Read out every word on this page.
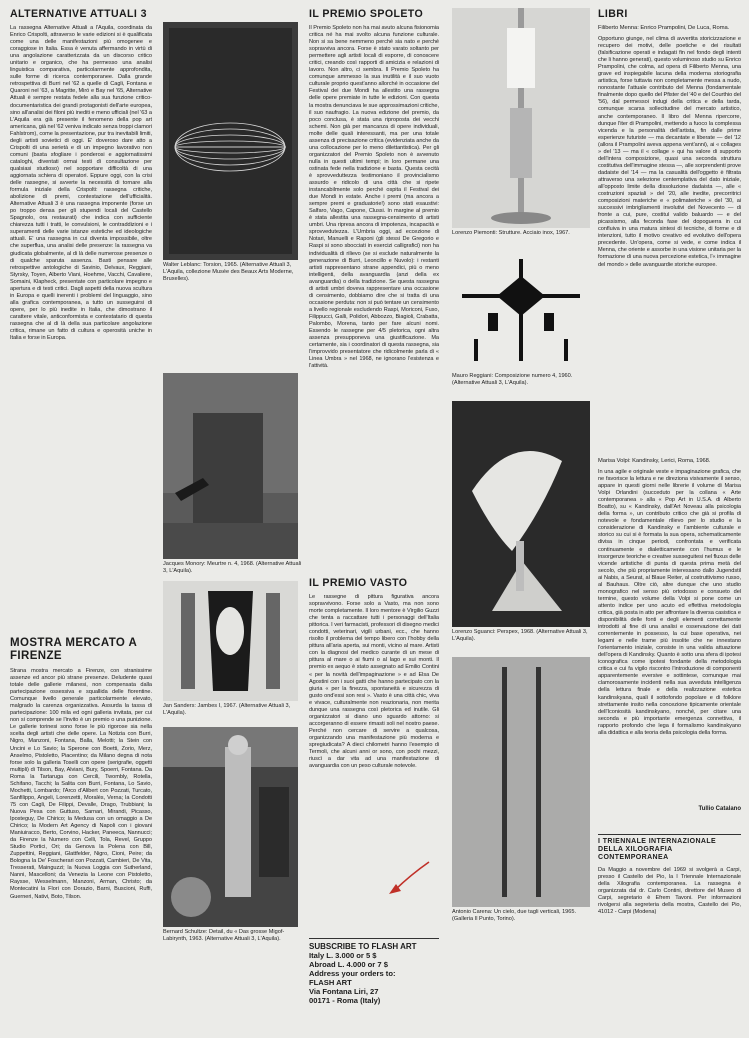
ALTERNATIVE ATTUALI 3
La rassegna Alternative Attuali a l'Aquila, coordinata da Enrico Crispolti, attraverso le varie edizioni si è qualificata come una delle manifestazioni più omogenee e coraggiose in Italia. Essa è venuta affermando in virtù di una angolazione caratterizzata da un discorso critico unitario e organico, che ha permesso una analisi linguistica comparativa, particolarmente approfondita, sulle forme di ricerca contemporanee. Dalla grande retrospettiva di Burri nel '62 a quelle di Cagli, Fontana e Quaroni nel '63, a Magritte, Miró e Bay nel '65, Alternative Attuali è sempre restata fedele alla sua funzione critico-documentaristica dei grandi protagonisti dell'arte europea, sino all'analisi dei filoni più inediti e meno ufficiali (nel '63 a L'Aquila era già presente il fenomeno della pop art americana, già nel '62 veniva indicato senza troppi clamori Fahlstrom), come la presentazione, pur tra inevitabili limiti, degli artisti sovietici di oggi. E' doveroso dare atto a Crispolti di una serietà e di un impegno lavorativo non comuni (basta sfogliare i ponderosi e aggiornatissimi cataloghi, diventati ormai testi di consultazione per qualsiasi studioso) nel sopportare difficoltà di una aggiornata schiera di operatori. Eppure oggi, con la crisi delle rassegne, si avverte la necessità di tornare alla formula iniziale della Crispolti: rassegna critiche, abolizione di premi, contestazione dell'ufficialità. Alternative Attuali 3 è una rassegna imponente (forse un po troppo densa per gli stupendi locali del Castello Spagnolo, ora restaurati) che indica con sufficiente chiarezza tutti i tratti, le convulsioni, le contraddizioni e i superamenti delle varie istanze estetiche ed ideologiche attuali. E' una rassegna in cui diventa impossibile, oltre che superflua, una analisi delle presenze: la rassegna va giudicata globalmente, al di là delle numerose presenze o di qualche sparuta assenza. Basti pensare alle retrospettive antologiche di Savinio, Delvaux, Reggiani, Styrsky, Toyen, Alberto Viani, Hoehme, Vacchi, Cavaliere, Somaini, Klapheck, presentate con particolare impegno e apertura e di testi critici. Dagli aspetti della nuova scultura in Europa e quelli inerenti i problemi del linguaggio, sino alla grafica contemporanea, a tutto un susseguirsi di opere, per lo più inedite in Italia, che dimostrano il carattere vitale, anticonformista e contestatario di questa rassegna che al di là della sua particolare angolazione critica, rimane un fatto di cultura e operosità uniche in Italia e forse in Europa.
MOSTRA MERCATO A FIRENZE
Strana mostra mercato a Firenze, con stranissime assenze ed ancor più strane presenze. Deludente quasi totale delle gallerie milanesi, non compensata dalla partecipazione ossessiva e squallida delle fiorentine. Comunque livello generale particolarmente elevato, malgrado la carenza organizzativa. Assurda la tassa di partecipazione: 100 mila ed ogni galleria invitata, per cui non si comprende se l'invito è un premio o una punizione. Le gallerie torinesi sono forse le più rigorose sia nella scelta degli artisti che delle opere. La Notizia con Burri, Nigro, Manzoni, Fontana, Balla, Melotti; la Stein con Uncini e Lo Savio; la Sperone con Boetti, Zorio, Merz, Anselmo, Pistoletto, Piacentino; da Milano degna di nota forse solo la galleria Toselli con opere (serigrafie, oggetti multipli) di Tilson, Bay, Alviani, Bury, Spoerri, Fontana. Da Roma la Tartaruga con Cercili, Twombly, Rotella, Schifano, Tacchi; la Salita con Burri, Fontana, Lo Savio, Mochetti, Lombardo; l'Arco d'Alibert con Pozzati, Turcato, Sanfilippo, Angeli, Lorenzetti, Moralès, Verna; la Condotti 75 con Cagli, De Filippi, Devalle, Drago, Trubbiani; la Nuova Pesa con Guttuso, Sarnari, Mirandi, Picasso, Iposteguy, De Chirico; la Medusa con un omaggio a De Chirico; la Modern Art Agency di Napoli con i giovani Maniuiracco, Berto, Corvino, Hacker, Paneeca, Nannucci; da Firenze la Numero con Celli, Tola, Revel, Gruppo Studio Portici, Ori; da Genova la Polena con Bill, Zuppettini, Reggiani, Glattfelder, Nigro, Cioni, Peire; da Bologna la De' Foscherari con Pozzati, Cambieri, De Vita, Tresserati, Mainguzzi; la Nuova Loggia con Sutherland, Nanni, Mascelloni; da Venezia la Leone con Pistoletto, Raysse, Wesselmann, Manzoni, Arman, Christo; da Montecatini la Flori con Dorazio, Barni, Buscioni, Ruffi, Guerneri, Nativi, Boto, Tilson.
Walter Leblanc: Torsion, 1965. (Alternative Attuali 3, L'Aquila, collezione Musée des Beaux Arts Moderne, Bruxelles).
Jacques Monory: Meurtre n. 4, 1968. (Alternative Attuali 3, L'Aquila).
Jan Sanders: Jambes I, 1967. (Alternative Attuali 3, L'Aquila).
Bernard Schultze: Detail, du « Das grosse Migof-Labirynth, 1963. (Alternative Attuali 3, L'Aquila).
IL PREMIO SPOLETO
Il Premio Spoleto non ha mai avuto alcuna fisionomia critica né ha mai svolto alcuna funzione culturale. Non si sa bene nemmeno perché sia nato e perché sopravviva ancora. Forse è stato varato soltanto per permettere agli artisti locali di esporre, di conoscere critici, creando così rapporti di amicizia e relazioni di lavoro. Non altro, ci sembra. Il Premio Spoleto ha comunque ammesso la sua inutilità e il suo vuoto culturale proprio quest'anno allorché in occasione del Festival dei due Mondi ha allestito una rassegna delle opere premiate in tutte le edizioni. Con questa la mostra denunciava le sue approssimazioni critiche, il suo naufragio. La nuova edizione del premio, da poco conclusa, è stata una riproposta dei vecchi schemi. Non già per mancanza di opere individuali, molte delle quali interessanti, ma per una totale assenza di precisazione critica (evidenziata anche da una collocazione per lo meno dilettantistica). Per gli organizzatori del Premio Spoleto non è avvenuto nulla in questi ultimi tempi; in loro permane una ostinata fede nella tradizione e basta. Questa cecità è sprovveduttezza testimoniano il provincialismo assurdo e ridicolo di una città che si ripete instancabilmente solo perché ospita il Festival dei due Mondi in estate. Anche i premi (ma ancora a sempre premi e graduatorie!) sono stati esaustivi: Salfaro, Vago, Capone, Clussi. In margine al premio è stata allestita una rassegna-censimento di artisti umbri. Una ripresa ancora di impotenza, incapacità e sprovvedutezza. L'Umbria oggi, ad eccezione di Notari, Manuelli e Raponi (gli stessi De Gregorio e Raspi si sono sbocciati in esercizi calligrafici) non ha individualità di rilievo (se si esclude naturalmente la generazione di Burri, Leoncillo e Nuvolo): i restanti artisti rappresentano strane appendici, più o meno intelligenti, della avanguardia (anzi della ex avanguardia) o della tradizione. Se questa rassegna di artisti umbri doveva rappresentare una occasione di censimento, dobbiamo dire che si tratta di una occasione perduta: non si può tentare un censimento a livello regionale escludendo Raspi, Moriconi, Fuso, Filippucci, Galli, Polidori, Abbozzo, Biagioli, Crabatta, Palombo, Morena, tanto per fare alcuni nomi. Essendo le rassegne per 4/5 pletorica, ogni altra assenza presupponeva una giustificazione. Ma certamente, sia i coordinatori di questa rassegna, sia l'improvvido presentatore che ridicolmente parla di « Linea Umbra » nel 1968, ne ignorano l'esistenza e l'attività.
IL PREMIO VASTO
Le rassegne di pittura figurativa ancora sopravvivono. Forse solo a Vasto, ma non sono morte completamente. Il loro mentore è Virgilio Guzzi che tenta a raccattare tutti i personaggi dell'Italia pittorica. I veri farmacisti, professori di disegno medici condotti, veterinari, vigili urbani, ecc., che hanno risolto il problema del tempo libero con l'hobby della pittura all'aria aperta, sui monti, vicino al mare. Artisti con la diagnosi del medico curante di un mese di pittura al mare o ai fiumi o al lago e sui monti. Il premio ex aequo è stato assegnato ad Emilio Contini « per la novità dell'impaginazione » e ad Elsa De Agostini con i suoi gatti che hanno partecipato con la giuria « per la finezza, spontaneità e sicurezza di gusto ond'essi son resi ». Vasto è una città chic, viva e vivace, culturalmente non reazionaria, non merita dunque una rassegna così pletorica ed inutile. Gli organizzatori si diano uno sguardo attorno: si accorgeranno di essere rimasti soli nel nostro paese. Perché non cercare di servire a qualcosa, organizzando una manifestazione più moderna e spregiudicata? A dieci chilometri hanno l'esempio di Termoli, che alcuni anni or sono, con pochi mezzi, riuscì a dar vita ad una manifestazione di avanguardia con un peso culturale notevole.
SUBSCRIBE TO FLASH ART
Italy L. 3.000 or 5 $
Abroad L. 4.000 or 7 $
Address your orders to:
FLASH ART
Via Fontana Liri, 27
00171 - Roma (Italy)
Lorenzo Piemonti: Strutture. Acciaio inox, 1967.
Mauro Reggiani: Composizione numero 4, 1960. (Alternative Attuali 3, L'Aquila).
Lorenzo Sguanci: Perspex, 1968. (Alternative Attuali 3, L'Aquila).
Antonio Carena: Un cielo, due tagli verticali, 1965. (Galleria Il Punto, Torino).
LIBRI
Filiberto Menna: Enrico Prampolini, De Luca, Roma.
Opportuno giunge, nel clima di avvertita storicizzazione e recupero dei motivi, delle poetiche e dei risultati (falsificazione operati e indagati fin nel fondo degli intenti che li hanno generati), questo voluminoso studio su Enrico Prampolini, che colma, ad opera di Filiberto Menna, una grave ed inspiegabile lacuna della moderna storiografia artistica, forse tuttavia non completamente messa a nudo, nonostante l'attuale contributo del Menna (fondamentale finalmente dopo quello del Pfister del '40 e del Courthio del '56), dal permessoi indugi della critica e della tarda, comunque scarsa sollecitudine del mercato artistico, anche contemporaneo. Il libro del Menna ripercorre, dunque l'iter di Prampolini, mettendo a fuoco la complessa vicenda e la personalità dell'artista, fin dalle prime esperienze futuriste — ma decantate e liberate — del '12 (allora il Prampolini aveva appena vent'anni), ai « collages » del '13 — ma il « collage » qui ha valore di supporto dell'intera composizione, quasi una seconda struttura costitutiva dell'immagine stessa —, alle sorprendenti prove dadaiste del '14 — ma la casualità dell'oggetto è filtrata attraverso una selezione centemplativa del dato iniziale, all'opposto limite della dissoluzione dadaista —, alle « costruzioni spaziali » del '20, alle inedite, precorritrici composizioni materiche e « polimateriche » del '30, ai successivi imbrigliamenti involutivi del Novecento — di fronte a cui, pure, costituì valido baluardo — e del picassismo, alla feconda fase del dopoguerra in cui confluiva in una matura sintesi di tecniche, di forme e di intenzioni, tutto il motivo creativo ed evolutivo dell'opera precedente. Un'opera, come si vede, e come indica il Menna, che oriente e assorbe in una visione unitaria per la formazione di una nuova percezione estetica, l'« immagine del mondo » delle avanguardie storiche europee.
Marisa Volpi: Kandinsky, Lerici, Roma, 1968.
In una agile e originale veste e impaginazione grafica, che ne favorisce la lettura e ne direziona visivamente il senso, appare in questi giorni nelle librerie il volume di Marisa Volpi Orlandini (succeduto per la collana « Arte contemporanea » alla « Pop Art in U.S.A. di Alberto Boatto), su « Kandinsky, dall'Art Noveau alla psicologia della forma », un contributo critico che già si profila di notevole e fondamentale rilievo per lo studio e la considerazione di Kandinsky e l'ambiente culturale e storico su cui si è formata la sua opera, schematicamente divisa in cinque periodi, confrontata e verificata continuamente e dialetticamente con l'humus e le insorgenze teoriche e creative susseguitesi nel fluxus delle vicende artistiche di punta di questa prima metà del secolo, che più propriamente interessano dallo Jugendstil ai Nabis, a Seurat, al Blaue Reiter, al costruttivismo russo, al Bauhaus. Oltre ciò, altre dunque che uno studio monografico nel senso più ortodosso e consueto del termine, questo volume della Volpi si pone come un attento indice per uno acuto ed effettiva metodologia critica, già posta in atto per affrontare la diversa casistica e disponibilità delle fonti e degli elementi correttamente introdotti al fine di una analisi e osservazione dei dati correntemente in possesso, la cui base operativa, nei legami e nelle trame più insolite che ne innestano l'orientamento iniziale, consiste in una valida attuazione dell'opera di Kandinsky. Quanto è sotto una sfera di ipotesi iconografica come ipotesi fondante della metodologia critica e cui fa vigilo riscontro l'introduzione di componenti apparentemente eversive e sottintese, comunque mai clamorosamente incidenti nella sua avveduta intelligenza della lettura finale e della realizzazione estetica kandinskyana, quali il sottofondo popolare e di folklore strettamente insito nella concezione tipicamente orientale dell'Iconiosità kandinskyano, nonché, per citare una seconda e più importante emergenza connettiva, il rapporto profondo che lega il formalismo kandinskyano alla didattica e alla teoria della psicologia della forma.
Tullio Catalano
I TRIENNALE INTERNAZIONALE DELLA XILOGRAFIA CONTEMPORANEA
Da Maggio a novembre del 1969 si svolgerà a Carpi, presso il Castello dei Pio, la I Triennale Internazionale della Xilografia contemporanea. La rassegna è organizzata dal dr. Carlo Contini, direttore del Museo di Carpi, segretario è Efrem Tavoni. Per informazioni rivolgersi alla segreteria della mostra, Castello dei Pio, 41012 - Carpi (Modena)
